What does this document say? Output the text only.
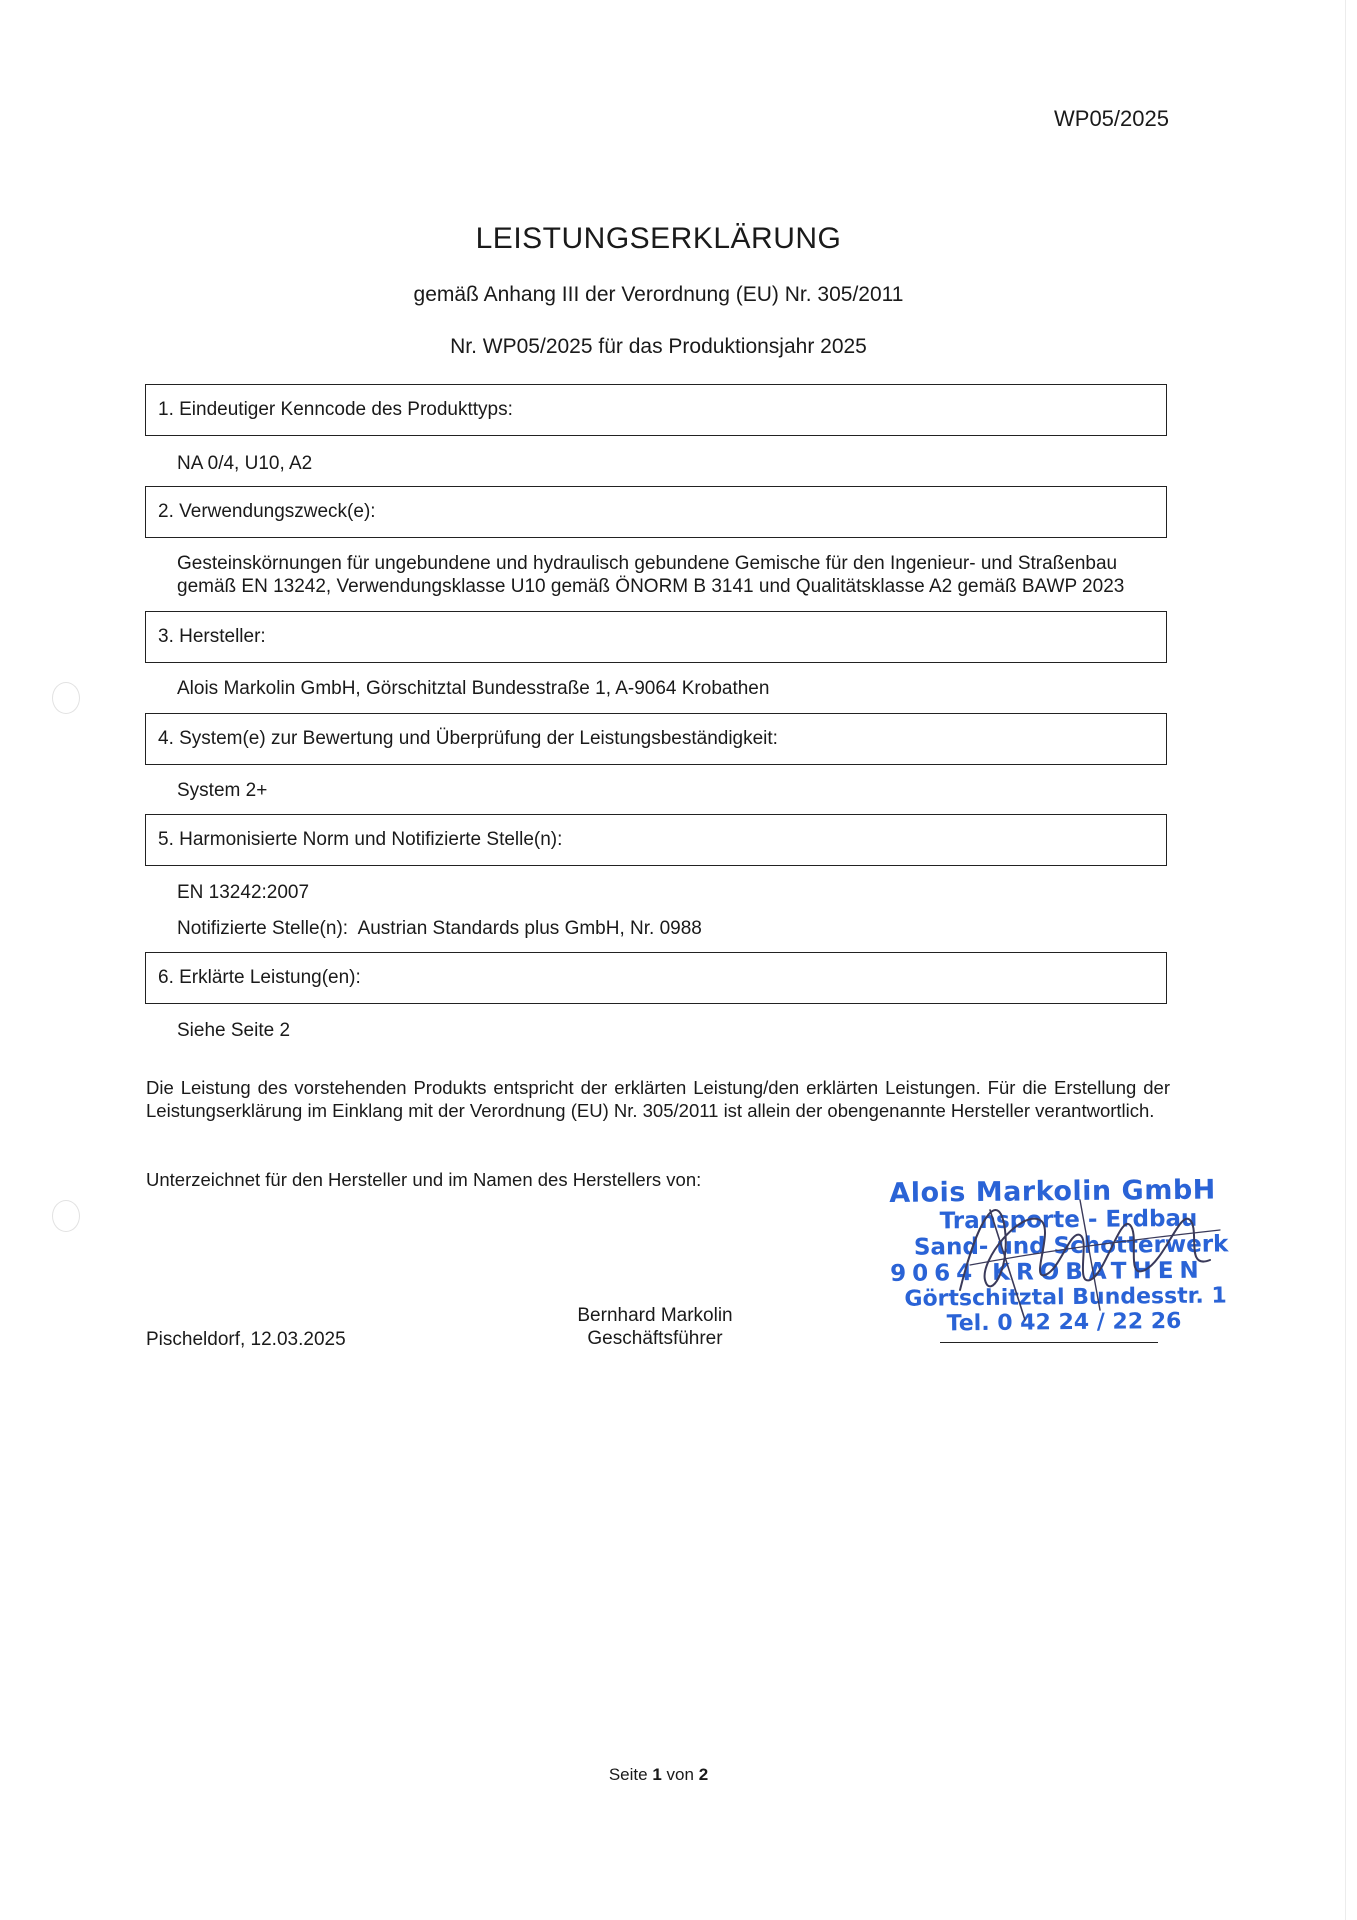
WP05/2025
LEISTUNGSERKLÄRUNG
gemäß Anhang III der Verordnung (EU) Nr. 305/2011
Nr. WP05/2025 für das Produktionsjahr 2025
1. Eindeutiger Kenncode des Produkttyps:
NA 0/4, U10, A2
2. Verwendungszweck(e):
Gesteinskörnungen für ungebundene und hydraulisch gebundene Gemische für den Ingenieur- und Straßenbau
gemäß EN 13242, Verwendungsklasse U10 gemäß ÖNORM B 3141 und Qualitätsklasse A2 gemäß BAWP 2023
3. Hersteller:
Alois Markolin GmbH, Görschitztal Bundesstraße 1, A-9064 Krobathen
4. System(e) zur Bewertung und Überprüfung der Leistungsbeständigkeit:
System 2+
5. Harmonisierte Norm und Notifizierte Stelle(n):
EN 13242:2007
Notifizierte Stelle(n):  Austrian Standards plus GmbH, Nr. 0988
6. Erklärte Leistung(en):
Siehe Seite 2
Die Leistung des vorstehenden Produkts entspricht der erklärten Leistung/den erklärten Leistungen. Für die Erstellung der Leistungserklärung im Einklang mit der Verordnung (EU) Nr. 305/2011 ist allein der obengenannte Hersteller verantwortlich.
Unterzeichnet für den Hersteller und im Namen des Herstellers von:
Pischeldorf, 12.03.2025
Bernhard Markolin
Geschäftsführer
Alois Markolin GmbH
Transporte - Erdbau
Sand- und Schotterwerk
9064 KROBATHEN
Görtschitztal Bundesstr. 1
Tel. 0 42 24 / 22 26
Seite 1 von 2
